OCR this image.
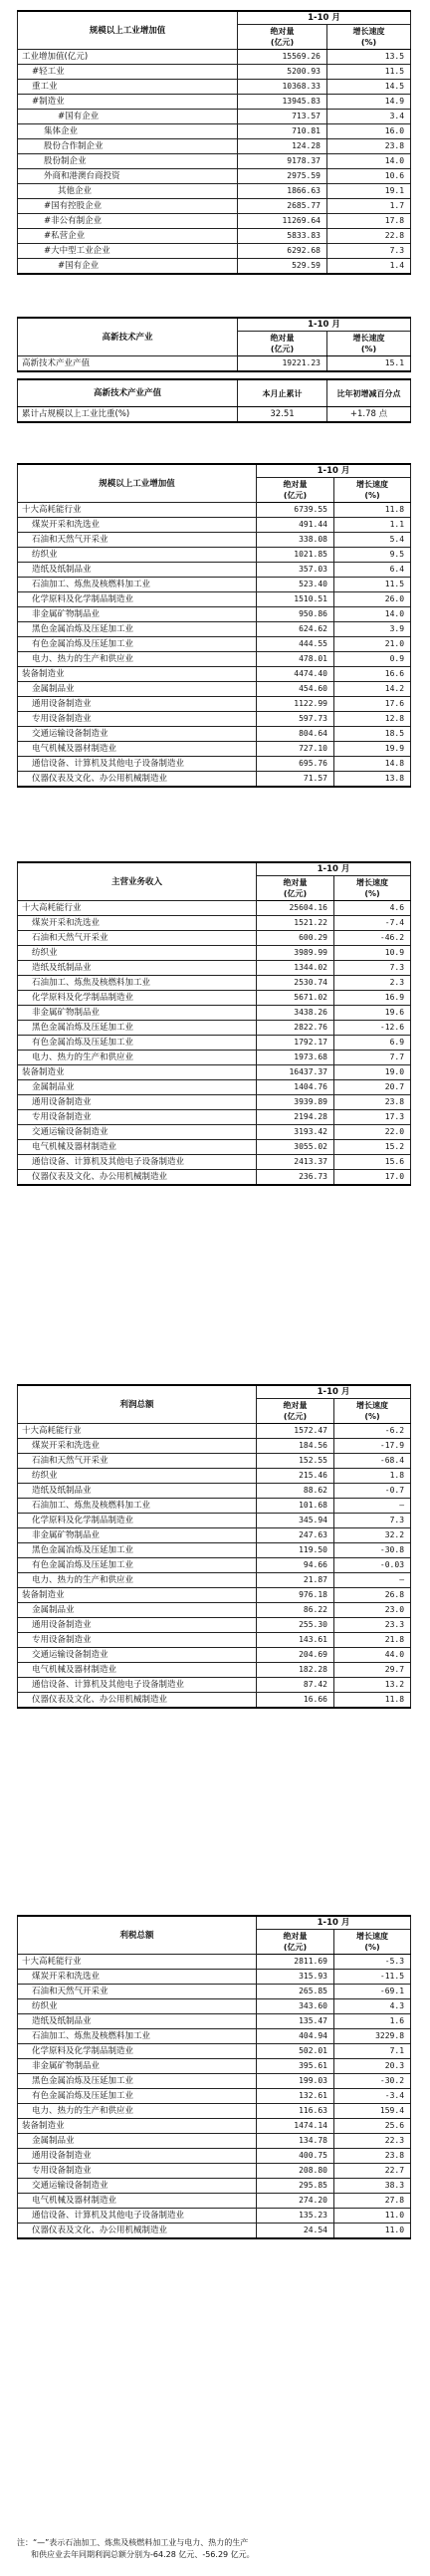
规模以上工业增加值	1-10 月	
	绝对量
(亿元)	增长速度
(%)
工业增加值(亿元)	15569.26	13.5
#轻工业	5200.93	11.5
重工业	10368.33	14.5
#制造业	13945.83	14.9
#国有企业	713.57	3.4
集体企业	710.81	16.0
股份合作制企业	124.28	23.8
股份制企业	9178.37	14.0
外商和港澳台商投资	2975.59	10.6
其他企业	1866.63	19.1
#国有控股企业	2685.77	1.7
#非公有制企业	11269.64	17.8
#私营企业	5833.83	22.8
#大中型工业企业	6292.68	7.3
#国有企业	529.59	1.4
高新技术产业	1-10 月	
	绝对量
(亿元)	增长速度
(%)
高新技术产业产值	19221.23	15.1
高新技术产业产值	本月止累计	比年初增减百分点
累计占规模以上工业比重(%)	32.51	+1.78 点
规模以上工业增加值	1-10 月	
	绝对量
(亿元)	增长速度
(%)
十大高耗能行业	6739.55	11.8
煤炭开采和洗选业	491.44	1.1
石油和天然气开采业	338.08	5.4
纺织业	1021.85	9.5
造纸及纸制品业	357.03	6.4
石油加工、炼焦及核燃料加工业	523.40	11.5
化学原料及化学制品制造业	1510.51	26.0
非金属矿物制品业	950.86	14.0
黑色金属冶炼及压延加工业	624.62	3.9
有色金属冶炼及压延加工业	444.55	21.0
电力、热力的生产和供应业	478.01	0.9
装备制造业	4474.40	16.6
金属制品业	454.60	14.2
通用设备制造业	1122.99	17.6
专用设备制造业	597.73	12.8
交通运输设备制造业	804.64	18.5
电气机械及器材制造业	727.10	19.9
通信设备、计算机及其他电子设备制造业	695.76	14.8
仪器仪表及文化、办公用机械制造业	71.57	13.8
主营业务收入	1-10 月	
	绝对量
(亿元)	增长速度
(%)
十大高耗能行业	25604.16	4.6
煤炭开采和洗选业	1521.22	-7.4
石油和天然气开采业	600.29	-46.2
纺织业	3989.99	10.9
造纸及纸制品业	1344.02	7.3
石油加工、炼焦及核燃料加工业	2530.74	2.3
化学原料及化学制品制造业	5671.02	16.9
非金属矿物制品业	3438.26	19.6
黑色金属冶炼及压延加工业	2822.76	-12.6
有色金属冶炼及压延加工业	1792.17	6.9
电力、热力的生产和供应业	1973.68	7.7
装备制造业	16437.37	19.0
金属制品业	1404.76	20.7
通用设备制造业	3939.89	23.8
专用设备制造业	2194.28	17.3
交通运输设备制造业	3193.42	22.0
电气机械及器材制造业	3055.02	15.2
通信设备、计算机及其他电子设备制造业	2413.37	15.6
仪器仪表及文化、办公用机械制造业	236.73	17.0
利润总额	1-10 月	
	绝对量
(亿元)	增长速度
(%)
十大高耗能行业	1572.47	-6.2
煤炭开采和洗选业	184.56	-17.9
石油和天然气开采业	152.55	-68.4
纺织业	215.46	1.8
造纸及纸制品业	88.62	-0.7
石油加工、炼焦及核燃料加工业	101.68	—
化学原料及化学制品制造业	345.94	7.3
非金属矿物制品业	247.63	32.2
黑色金属冶炼及压延加工业	119.50	-30.8
有色金属冶炼及压延加工业	94.66	-0.03
电力、热力的生产和供应业	21.87	—
装备制造业	976.18	26.8
金属制品业	86.22	23.0
通用设备制造业	255.30	23.3
专用设备制造业	143.61	21.8
交通运输设备制造业	204.69	44.0
电气机械及器材制造业	182.28	29.7
通信设备、计算机及其他电子设备制造业	87.42	13.2
仪器仪表及文化、办公用机械制造业	16.66	11.8
利税总额	1-10 月	
	绝对量
(亿元)	增长速度
(%)
十大高耗能行业	2811.69	-5.3
煤炭开采和洗选业	315.93	-11.5
石油和天然气开采业	265.85	-69.1
纺织业	343.60	4.3
造纸及纸制品业	135.47	1.6
石油加工、炼焦及核燃料加工业	404.94	3229.8
化学原料及化学制品制造业	502.01	7.1
非金属矿物制品业	395.61	20.3
黑色金属冶炼及压延加工业	199.03	-30.2
有色金属冶炼及压延加工业	132.61	-3.4
电力、热力的生产和供应业	116.63	159.4
装备制造业	1474.14	25.6
金属制品业	134.78	22.3
通用设备制造业	400.75	23.8
专用设备制造业	208.80	22.7
交通运输设备制造业	295.85	38.3
电气机械及器材制造业	274.20	27.8
通信设备、计算机及其他电子设备制造业	135.23	11.0
仪器仪表及文化、办公用机械制造业	24.54	11.0
注：“—”表示石油加工、炼焦及核燃料加工业与电力、热力的生产
和供应业去年同期利润总额分别为-64.28 亿元、-56.29 亿元。
